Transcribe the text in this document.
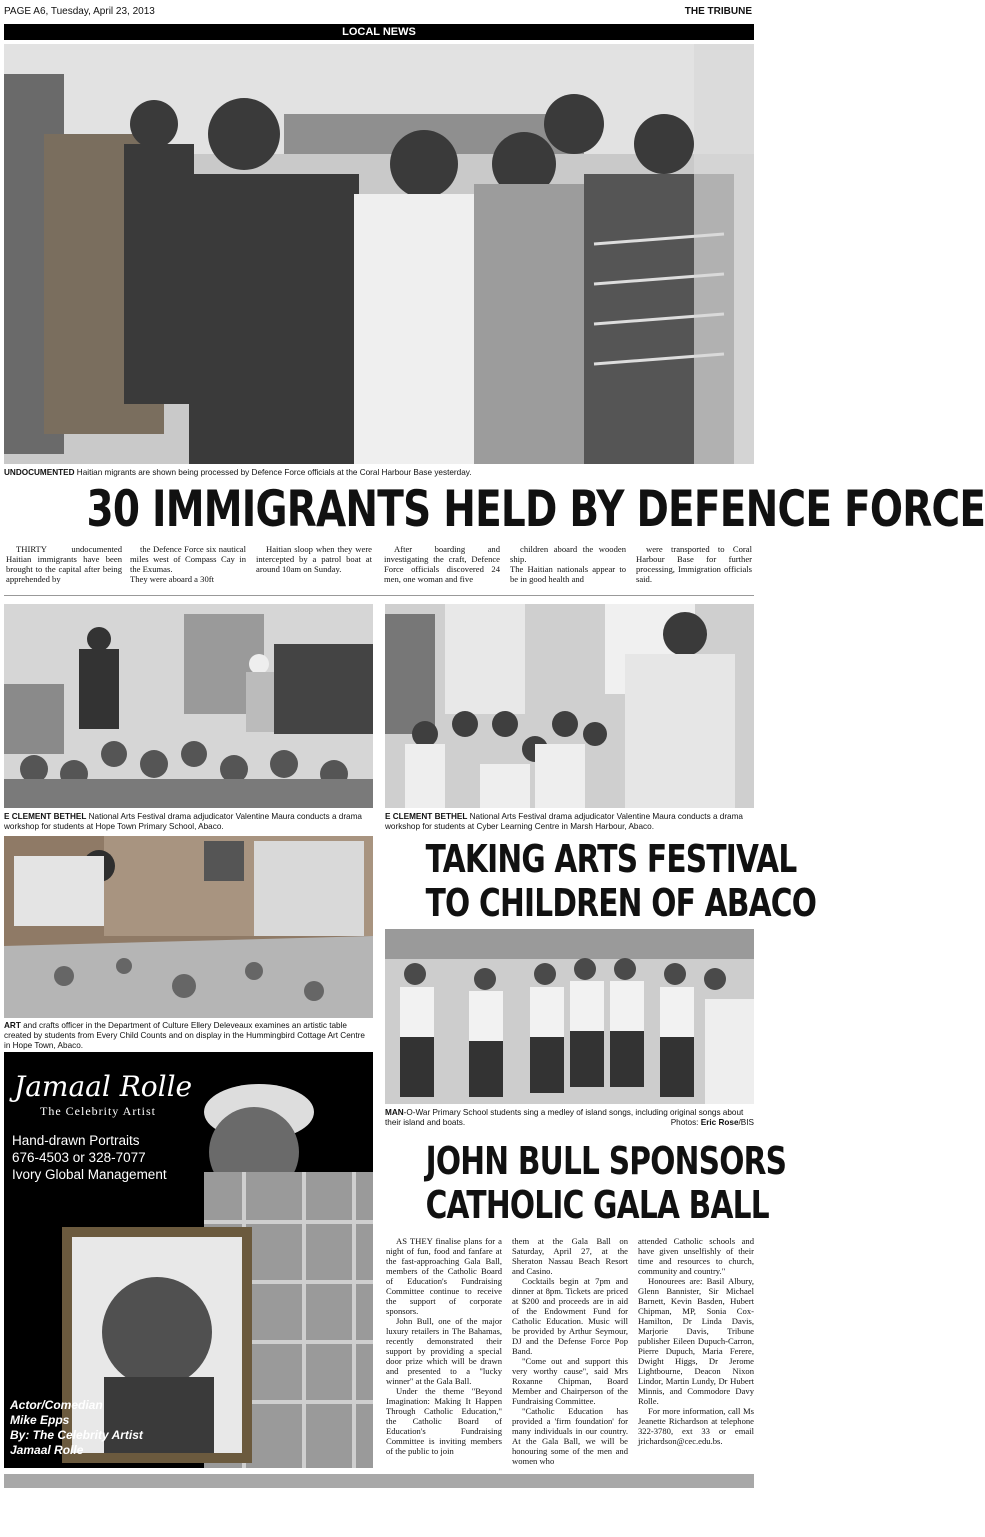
PAGE A6, Tuesday, April 23, 2013	THE TRIBUNE
LOCAL NEWS
UNDOCUMENTED Haitian migrants are shown being processed by Defence Force officials at the Coral Harbour Base yesterday.
30 IMMIGRANTS HELD BY DEFENCE FORCE

THIRTY undocumented Haitian immigrants have been brought to the capital after being apprehended by

the Defence Force six nautical miles west of Compass Cay in the Exumas.
They were aboard a 30ft

Haitian sloop when they were intercepted by a patrol boat at around 10am on Sunday.

After boarding and investigating the craft, Defence Force officials discovered 24 men, one woman and five

children aboard the wooden ship.
The Haitian nationals appear to be in good health and

were transported to Coral Harbour Base for further processing, Immigration officials said.

E CLEMENT BETHEL National Arts Festival drama adjudicator Valentine Maura conducts a drama workshop for students at Hope Town Primary School, Abaco.
E CLEMENT BETHEL National Arts Festival drama adjudicator Valentine Maura conducts a drama workshop for students at Cyber Learning Centre in Marsh Harbour, Abaco.
ART and crafts officer in the Department of Culture Ellery Deleveaux examines an artistic table created by students from Every Child Counts and on display in the Hummingbird Cottage Art Centre in Hope Town, Abaco.
TAKING ARTS FESTIVAL
TO CHILDREN OF ABACO
MAN-O-War Primary School students sing a medley of island songs, including original songs about their island and boats.	Photos: Eric Rose/BIS
Jamaal Rolle
The Celebrity Artist
Hand-drawn Portraits
676-4503 or 328-7077
Ivory Global Management
Actor/Comedian
Mike Epps
By: The Celebrity Artist
Jamaal Rolle
JOHN BULL SPONSORS
CATHOLIC GALA BALL

AS THEY finalise plans for a night of fun, food and fanfare at the fast-approaching Gala Ball, members of the Catholic Board of Education's Fundraising Committee continue to receive the support of corporate sponsors.

John Bull, one of the major luxury retailers in The Bahamas, recently demonstrated their support by providing a special door prize which will be drawn and presented to a "lucky winner" at the Gala Ball.

Under the theme "Beyond Imagination: Making It Happen Through Catholic Education," the Catholic Board of Education's Fundraising Committee is inviting members of the public to join

them at the Gala Ball on Saturday, April 27, at the Sheraton Nassau Beach Resort and Casino.

Cocktails begin at 7pm and dinner at 8pm. Tickets are priced at $200 and proceeds are in aid of the Endowment Fund for Catholic Education. Music will be provided by Arthur Seymour, DJ and the Defense Force Pop Band.

"Come out and support this very worthy cause", said Mrs Roxanne Chipman, Board Member and Chairperson of the Fundraising Committee.

"Catholic Education has provided a 'firm foundation' for many individuals in our country. At the Gala Ball, we will be honouring some of the men and women who

attended Catholic schools and have given unselfishly of their time and resources to church, community and country."

Honourees are: Basil Albury, Glenn Bannister, Sir Michael Barnett, Kevin Basden, Hubert Chipman, MP, Sonia Cox-Hamilton, Dr Linda Davis, Marjorie Davis, Tribune publisher Eileen Dupuch-Carron, Pierre Dupuch, Maria Ferere, Dwight Higgs, Dr Jerome Lightbourne, Deacon Nixon Lindor, Martin Lundy, Dr Hubert Minnis, and Commodore Davy Rolle.

For more information, call Ms Jeanette Richardson at telephone 322-3780, ext 33 or email jrichardson@cec.edu.bs.
